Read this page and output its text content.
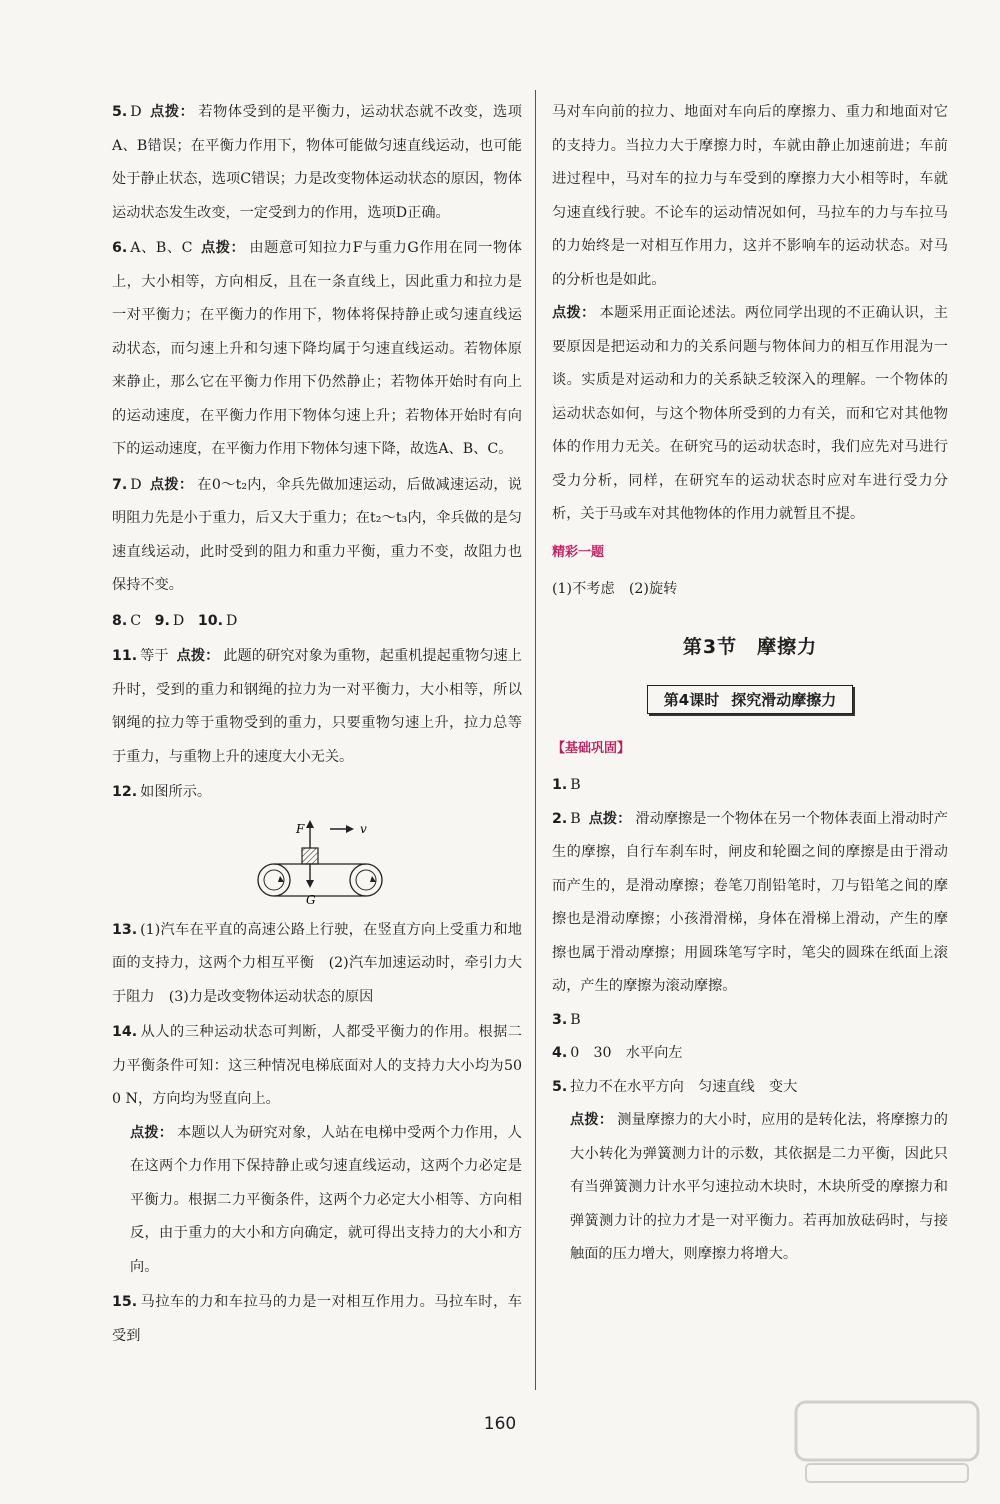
5. D 点拨： 若物体受到的是平衡力，运动状态就不改变，选项A、B错误；在平衡力作用下，物体可能做匀速直线运动，也可能处于静止状态，选项C错误；力是改变物体运动状态的原因，物体运动状态发生改变，一定受到力的作用，选项D正确。

6. A、B、C 点拨： 由题意可知拉力F与重力G作用在同一物体上，大小相等，方向相反，且在一条直线上，因此重力和拉力是一对平衡力；在平衡力的作用下，物体将保持静止或匀速直线运动状态，而匀速上升和匀速下降均属于匀速直线运动。若物体原来静止，那么它在平衡力作用下仍然静止；若物体开始时有向上的运动速度，在平衡力作用下物体匀速上升；若物体开始时有向下的运动速度，在平衡力作用下物体匀速下降，故选A、B、C。

7. D 点拨： 在0～t₂内，伞兵先做加速运动，后做减速运动，说明阻力先是小于重力，后又大于重力；在t₂～t₃内，伞兵做的是匀速直线运动，此时受到的阻力和重力平衡，重力不变，故阻力也保持不变。

8. C 9. D 10. D

11. 等于 点拨： 此题的研究对象为重物，起重机提起重物匀速上升时，受到的重力和钢绳的拉力为一对平衡力，大小相等，所以钢绳的拉力等于重物受到的重力，只要重物匀速上升，拉力总等于重力，与重物上升的速度大小无关。

12. 如图所示。

F	v
G

13. (1)汽车在平直的高速公路上行驶，在竖直方向上受重力和地面的支持力，这两个力相互平衡　(2)汽车加速运动时，牵引力大于阻力　(3)力是改变物体运动状态的原因

14. 从人的三种运动状态可判断，人都受平衡力的作用。根据二力平衡条件可知：这三种情况电梯底面对人的支持力大小均为500 N，方向均为竖直向上。

点拨： 本题以人为研究对象，人站在电梯中受两个力作用，人在这两个力作用下保持静止或匀速直线运动，这两个力必定是平衡力。根据二力平衡条件，这两个力必定大小相等、方向相反，由于重力的大小和方向确定，就可得出支持力的大小和方向。

15. 马拉车的力和车拉马的力是一对相互作用力。马拉车时，车受到

马对车向前的拉力、地面对车向后的摩擦力、重力和地面对它的支持力。当拉力大于摩擦力时，车就由静止加速前进；车前进过程中，马对车的拉力与车受到的摩擦力大小相等时，车就匀速直线行驶。不论车的运动情况如何，马拉车的力与车拉马的力始终是一对相互作用力，这并不影响车的运动状态。对马的分析也是如此。

点拨： 本题采用正面论述法。两位同学出现的不正确认识，主要原因是把运动和力的关系问题与物体间力的相互作用混为一谈。实质是对运动和力的关系缺乏较深入的理解。一个物体的运动状态如何，与这个物体所受到的力有关，而和它对其他物体的作用力无关。在研究马的运动状态时，我们应先对马进行受力分析，同样，在研究车的运动状态时应对车进行受力分析，关于马或车对其他物体的作用力就暂且不提。

精彩一题

(1)不考虑　(2)旋转

第3节 摩擦力
第4课时 探究滑动摩擦力
【基础巩固】

1. B

2. B 点拨： 滑动摩擦是一个物体在另一个物体表面上滑动时产生的摩擦，自行车刹车时，闸皮和轮圈之间的摩擦是由于滑动而产生的，是滑动摩擦；卷笔刀削铅笔时，刀与铅笔之间的摩擦也是滑动摩擦；小孩滑滑梯，身体在滑梯上滑动，产生的摩擦也属于滑动摩擦；用圆珠笔写字时，笔尖的圆珠在纸面上滚动，产生的摩擦为滚动摩擦。

3. B

4. 0　30　水平向左

5. 拉力不在水平方向　匀速直线　变大

点拨： 测量摩擦力的大小时，应用的是转化法，将摩擦力的大小转化为弹簧测力计的示数，其依据是二力平衡，因此只有当弹簧测力计水平匀速拉动木块时，木块所受的摩擦力和弹簧测力计的拉力才是一对平衡力。若再加放砝码时，与接触面的压力增大，则摩擦力将增大。

160
